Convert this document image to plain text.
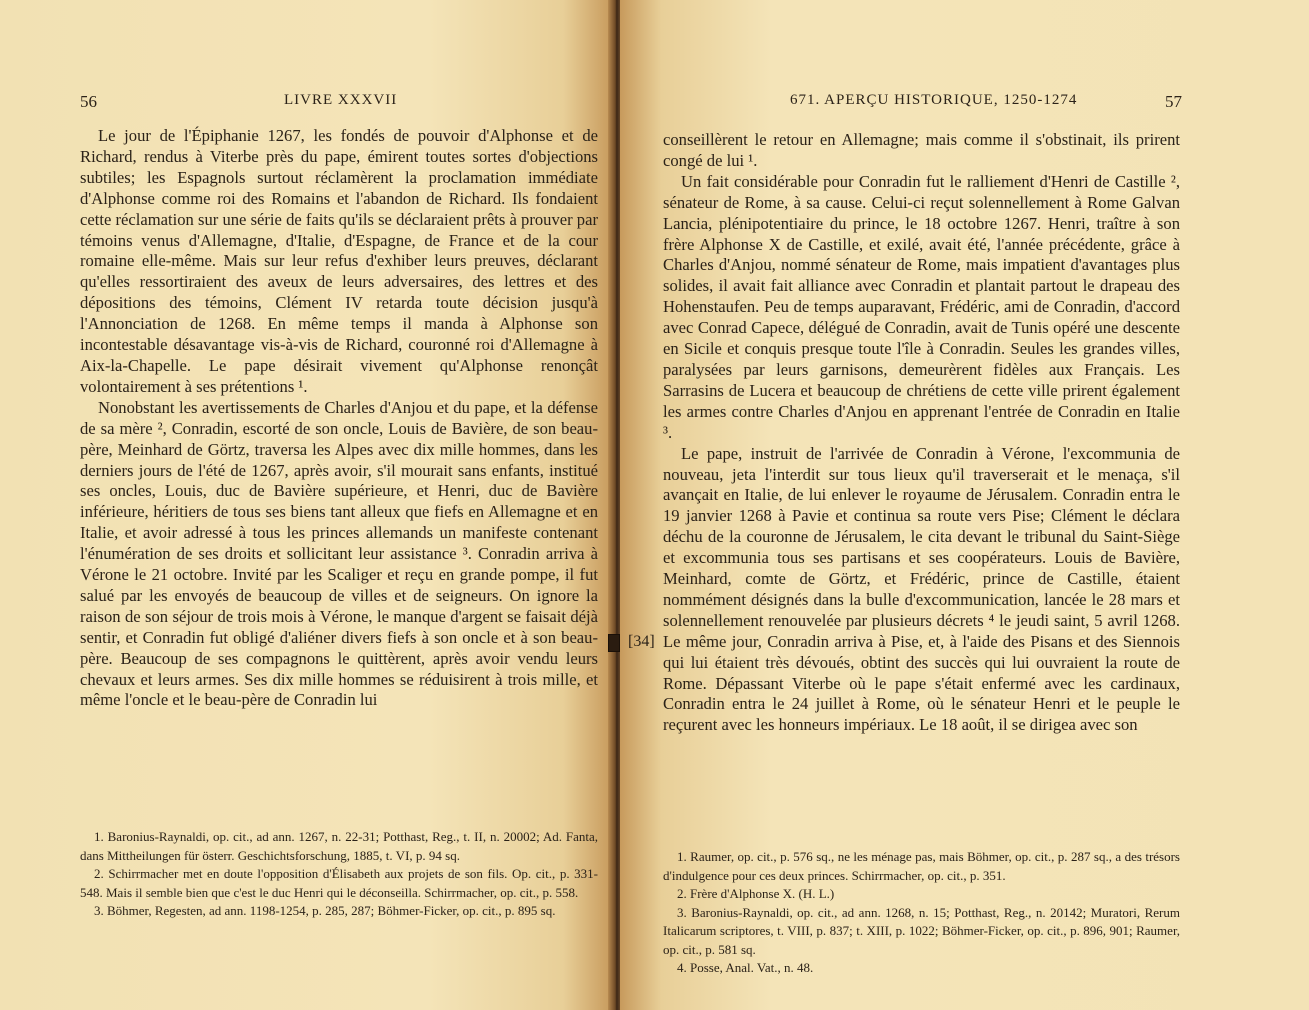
56	LIVRE XXXVII

Le jour de l'Épiphanie 1267, les fondés de pouvoir d'Alphonse et de Richard, rendus à Viterbe près du pape, émirent toutes sortes d'objections subtiles; les Espagnols surtout réclamèrent la proclamation immédiate d'Alphonse comme roi des Romains et l'abandon de Richard. Ils fondaient cette réclamation sur une série de faits qu'ils se déclaraient prêts à prouver par témoins venus d'Allemagne, d'Italie, d'Espagne, de France et de la cour romaine elle-même. Mais sur leur refus d'exhiber leurs preuves, déclarant qu'elles ressortiraient des aveux de leurs adversaires, des lettres et des dépositions des témoins, Clément IV retarda toute décision jusqu'à l'Annonciation de 1268. En même temps il manda à Alphonse son incontestable désavantage vis-à-vis de Richard, couronné roi d'Allemagne à Aix-la-Chapelle. Le pape désirait vivement qu'Alphonse renonçât volontairement à ses prétentions ¹.

Nonobstant les avertissements de Charles d'Anjou et du pape, et la défense de sa mère ², Conradin, escorté de son oncle, Louis de Bavière, de son beau-père, Meinhard de Görtz, traversa les Alpes avec dix mille hommes, dans les derniers jours de l'été de 1267, après avoir, s'il mourait sans enfants, institué ses oncles, Louis, duc de Bavière supérieure, et Henri, duc de Bavière inférieure, héritiers de tous ses biens tant alleux que fiefs en Allemagne et en Italie, et avoir adressé à tous les princes allemands un manifeste contenant l'énumération de ses droits et sollicitant leur assistance ³. Conradin arriva à Vérone le 21 octobre. Invité par les Scaliger et reçu en grande pompe, il fut salué par les envoyés de beaucoup de villes et de seigneurs. On ignore la raison de son séjour de trois mois à Vérone, le manque d'argent se faisait déjà sentir, et Conradin fut obligé d'aliéner divers fiefs à son oncle et à son beau-père. Beaucoup de ses compagnons le quittèrent, après avoir vendu leurs chevaux et leurs armes. Ses dix mille hommes se réduisirent à trois mille, et même l'oncle et le beau-père de Conradin lui

1. Baronius-Raynaldi, op. cit., ad ann. 1267, n. 22-31; Potthast, Reg., t. II, n. 20002; Ad. Fanta, dans Mittheilungen für österr. Geschichtsforschung, 1885, t. VI, p. 94 sq.

2. Schirrmacher met en doute l'opposition d'Élisabeth aux projets de son fils. Op. cit., p. 331-548. Mais il semble bien que c'est le duc Henri qui le déconseilla. Schirrmacher, op. cit., p. 558.

3. Böhmer, Regesten, ad ann. 1198-1254, p. 285, 287; Böhmer-Ficker, op. cit., p. 895 sq.

671. APERÇU HISTORIQUE, 1250-1274	57

conseillèrent le retour en Allemagne; mais comme il s'obstinait, ils prirent congé de lui ¹.

Un fait considérable pour Conradin fut le ralliement d'Henri de Castille ², sénateur de Rome, à sa cause. Celui-ci reçut solennellement à Rome Galvan Lancia, plénipotentiaire du prince, le 18 octobre 1267. Henri, traître à son frère Alphonse X de Castille, et exilé, avait été, l'année précédente, grâce à Charles d'Anjou, nommé sénateur de Rome, mais impatient d'avantages plus solides, il avait fait alliance avec Conradin et plantait partout le drapeau des Hohenstaufen. Peu de temps auparavant, Frédéric, ami de Conradin, d'accord avec Conrad Capece, délégué de Conradin, avait de Tunis opéré une descente en Sicile et conquis presque toute l'île à Conradin. Seules les grandes villes, paralysées par leurs garnisons, demeurèrent fidèles aux Français. Les Sarrasins de Lucera et beaucoup de chrétiens de cette ville prirent également les armes contre Charles d'Anjou en apprenant l'entrée de Conradin en Italie ³.

Le pape, instruit de l'arrivée de Conradin à Vérone, l'excommunia de nouveau, jeta l'interdit sur tous lieux qu'il traverserait et le menaça, s'il avançait en Italie, de lui enlever le royaume de Jérusalem. Conradin entra le 19 janvier 1268 à Pavie et continua sa route vers Pise; Clément le déclara déchu de la couronne de Jérusalem, le cita devant le tribunal du Saint-Siège et excommunia tous ses partisans et ses coopérateurs. Louis de Bavière, Meinhard, comte de Görtz, et Frédéric, prince de Castille, étaient nommément désignés dans la bulle d'excommunication, lancée le 28 mars et solennellement renouvelée par plusieurs décrets ⁴ le jeudi saint, 5 avril 1268. Le même jour, Conradin arriva à Pise, et, à l'aide des Pisans et des Siennois qui lui étaient très dévoués, obtint des succès qui lui ouvraient la route de Rome. Dépassant Viterbe où le pape s'était enfermé avec les cardinaux, Conradin entra le 24 juillet à Rome, où le sénateur Henri et le peuple le reçurent avec les honneurs impériaux. Le 18 août, il se dirigea avec son

1. Raumer, op. cit., p. 576 sq., ne les ménage pas, mais Böhmer, op. cit., p. 287 sq., a des trésors d'indulgence pour ces deux princes. Schirrmacher, op. cit., p. 351.

2. Frère d'Alphonse X. (H. L.)

3. Baronius-Raynaldi, op. cit., ad ann. 1268, n. 15; Potthast, Reg., n. 20142; Muratori, Rerum Italicarum scriptores, t. VIII, p. 837; t. XIII, p. 1022; Böhmer-Ficker, op. cit., p. 896, 901; Raumer, op. cit., p. 581 sq.

4. Posse, Anal. Vat., n. 48.

[34]
